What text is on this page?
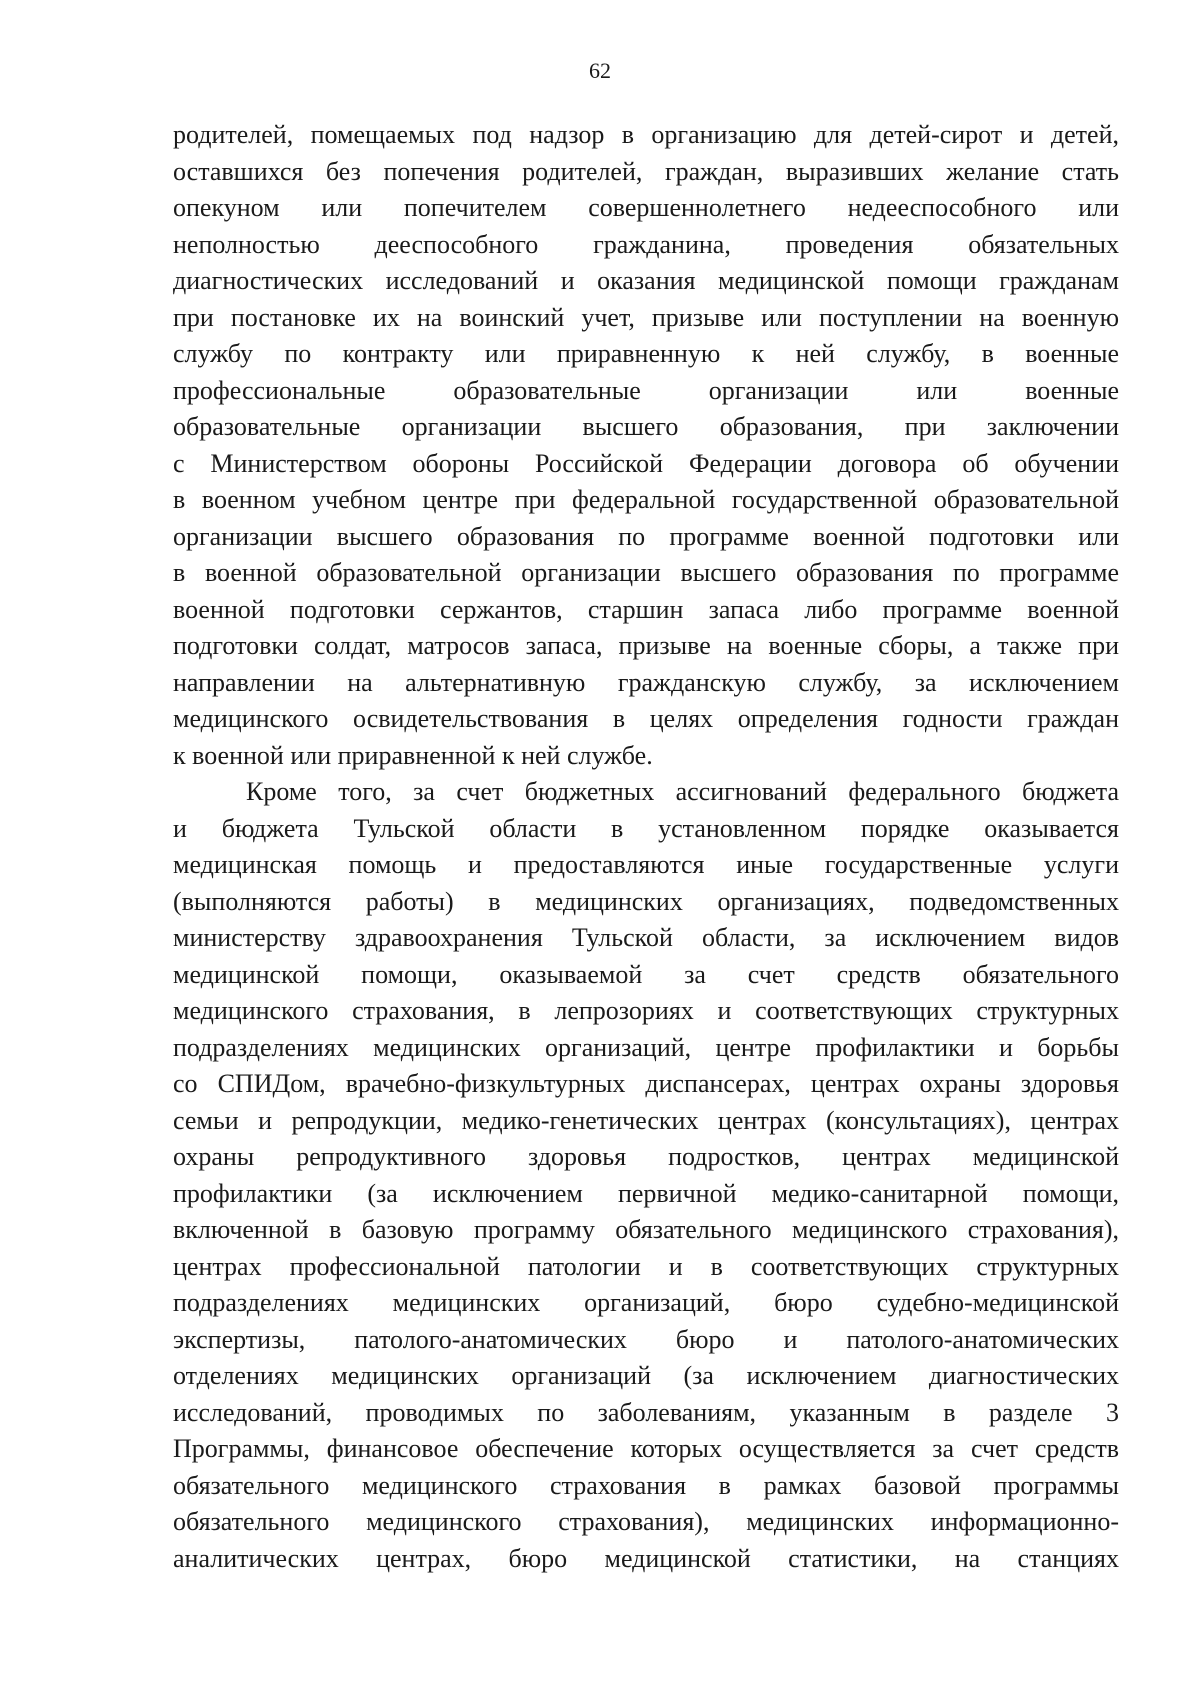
62
родителей, помещаемых под надзор в организацию для детей-сирот и детей,
оставшихся без попечения родителей, граждан, выразивших желание стать
опекуном или попечителем совершеннолетнего недееспособного или
неполностью дееспособного гражданина, проведения обязательных
диагностических исследований и оказания медицинской помощи гражданам
при постановке их на воинский учет, призыве или поступлении на военную
службу по контракту или приравненную к ней службу, в военные
профессиональные образовательные организации или военные
образовательные организации высшего образования, при заключении
с Министерством обороны Российской Федерации договора об обучении
в военном учебном центре при федеральной государственной образовательной
организации высшего образования по программе военной подготовки или
в военной образовательной организации высшего образования по программе
военной подготовки сержантов, старшин запаса либо программе военной
подготовки солдат, матросов запаса, призыве на военные сборы, а также при
направлении на альтернативную гражданскую службу, за исключением
медицинского освидетельствования в целях определения годности граждан
к военной или приравненной к ней службе.
Кроме того, за счет бюджетных ассигнований федерального бюджета
и бюджета Тульской области в установленном порядке оказывается
медицинская помощь и предоставляются иные государственные услуги
(выполняются работы) в медицинских организациях, подведомственных
министерству здравоохранения Тульской области, за исключением видов
медицинской помощи, оказываемой за счет средств обязательного
медицинского страхования, в лепрозориях и соответствующих структурных
подразделениях медицинских организаций, центре профилактики и борьбы
со СПИДом, врачебно-физкультурных диспансерах, центрах охраны здоровья
семьи и репродукции, медико-генетических центрах (консультациях), центрах
охраны репродуктивного здоровья подростков, центрах медицинской
профилактики (за исключением первичной медико-санитарной помощи,
включенной в базовую программу обязательного медицинского страхования),
центрах профессиональной патологии и в соответствующих структурных
подразделениях медицинских организаций, бюро судебно-медицинской
экспертизы, патолого-анатомических бюро и патолого-анатомических
отделениях медицинских организаций (за исключением диагностических
исследований, проводимых по заболеваниям, указанным в разделе 3
Программы, финансовое обеспечение которых осуществляется за счет средств
обязательного медицинского страхования в рамках базовой программы
обязательного медицинского страхования), медицинских информационно-
аналитических центрах, бюро медицинской статистики, на станциях
